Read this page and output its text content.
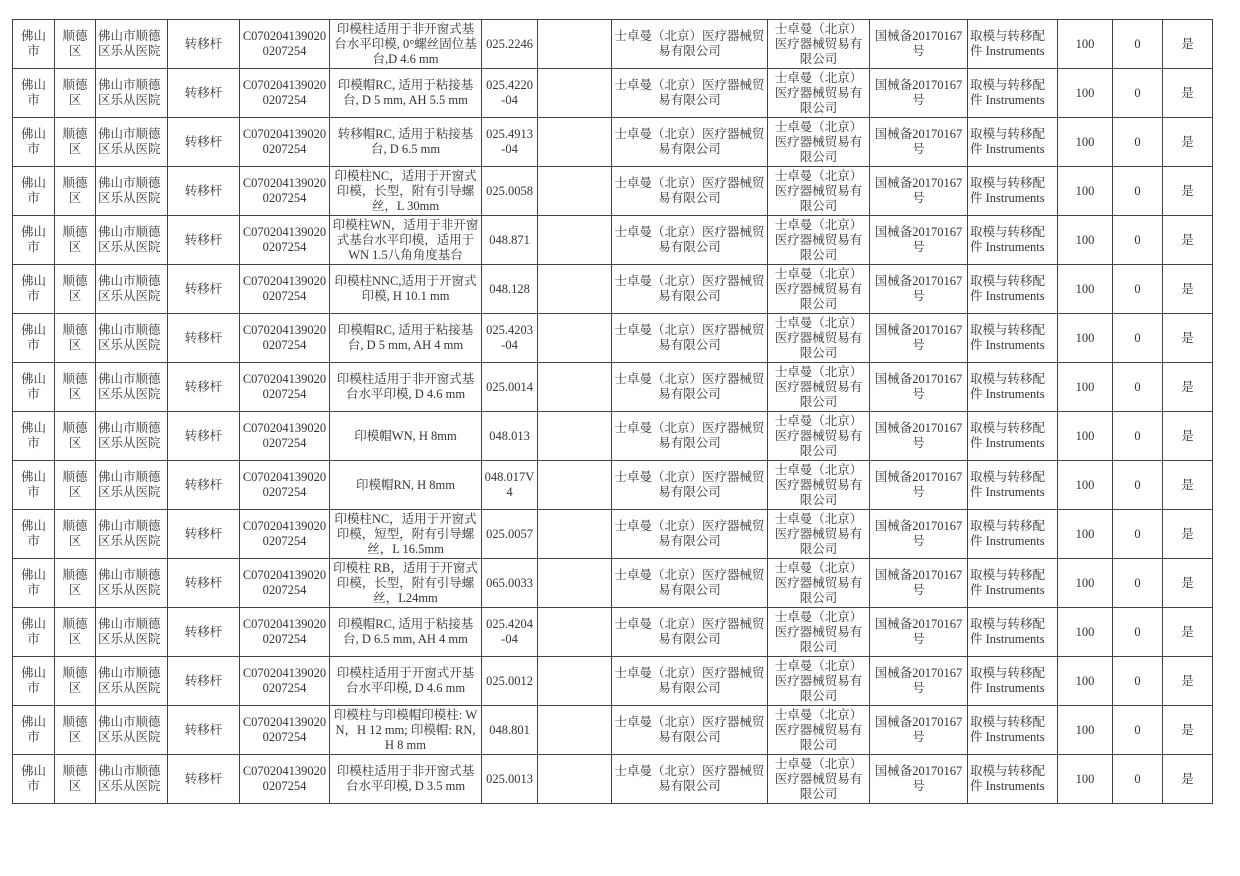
佛山市	顺德区	佛山市顺德区乐从医院	转移杆	C0702041390200207254	印模柱适用于非开窗式基台水平印模, 0°螺丝固位基台,D 4.6 mm	025.2246		士卓曼（北京）医疗器械贸易有限公司	士卓曼（北京）医疗器械贸易有限公司	国械备20170167号	取模与转移配件 Instruments	100	0	是
佛山市	顺德区	佛山市顺德区乐从医院	转移杆	C0702041390200207254	印模帽RC, 适用于粘接基台, D 5 mm, AH 5.5 mm	025.4220-04		士卓曼（北京）医疗器械贸易有限公司	士卓曼（北京）医疗器械贸易有限公司	国械备20170167号	取模与转移配件 Instruments	100	0	是
佛山市	顺德区	佛山市顺德区乐从医院	转移杆	C0702041390200207254	转移帽RC, 适用于粘接基台, D 6.5 mm	025.4913-04		士卓曼（北京）医疗器械贸易有限公司	士卓曼（北京）医疗器械贸易有限公司	国械备20170167号	取模与转移配件 Instruments	100	0	是
佛山市	顺德区	佛山市顺德区乐从医院	转移杆	C0702041390200207254	印模柱NC，适用于开窗式印模，长型，附有引导螺丝，L 30mm	025.0058		士卓曼（北京）医疗器械贸易有限公司	士卓曼（北京）医疗器械贸易有限公司	国械备20170167号	取模与转移配件 Instruments	100	0	是
佛山市	顺德区	佛山市顺德区乐从医院	转移杆	C0702041390200207254	印模柱WN，适用于非开窗式基台水平印模，适用于WN 1.5八角角度基台	048.871		士卓曼（北京）医疗器械贸易有限公司	士卓曼（北京）医疗器械贸易有限公司	国械备20170167号	取模与转移配件 Instruments	100	0	是
佛山市	顺德区	佛山市顺德区乐从医院	转移杆	C0702041390200207254	印模柱NNC,适用于开窗式印模, H 10.1 mm	048.128		士卓曼（北京）医疗器械贸易有限公司	士卓曼（北京）医疗器械贸易有限公司	国械备20170167号	取模与转移配件 Instruments	100	0	是
佛山市	顺德区	佛山市顺德区乐从医院	转移杆	C0702041390200207254	印模帽RC, 适用于粘接基台, D 5 mm, AH 4 mm	025.4203-04		士卓曼（北京）医疗器械贸易有限公司	士卓曼（北京）医疗器械贸易有限公司	国械备20170167号	取模与转移配件 Instruments	100	0	是
佛山市	顺德区	佛山市顺德区乐从医院	转移杆	C0702041390200207254	印模柱适用于非开窗式基台水平印模, D 4.6 mm	025.0014		士卓曼（北京）医疗器械贸易有限公司	士卓曼（北京）医疗器械贸易有限公司	国械备20170167号	取模与转移配件 Instruments	100	0	是
佛山市	顺德区	佛山市顺德区乐从医院	转移杆	C0702041390200207254	印模帽WN, H 8mm	048.013		士卓曼（北京）医疗器械贸易有限公司	士卓曼（北京）医疗器械贸易有限公司	国械备20170167号	取模与转移配件 Instruments	100	0	是
佛山市	顺德区	佛山市顺德区乐从医院	转移杆	C0702041390200207254	印模帽RN, H 8mm	048.017V4		士卓曼（北京）医疗器械贸易有限公司	士卓曼（北京）医疗器械贸易有限公司	国械备20170167号	取模与转移配件 Instruments	100	0	是
佛山市	顺德区	佛山市顺德区乐从医院	转移杆	C0702041390200207254	印模柱NC，适用于开窗式印模，短型，附有引导螺丝，L 16.5mm	025.0057		士卓曼（北京）医疗器械贸易有限公司	士卓曼（北京）医疗器械贸易有限公司	国械备20170167号	取模与转移配件 Instruments	100	0	是
佛山市	顺德区	佛山市顺德区乐从医院	转移杆	C0702041390200207254	印模柱 RB，适用于开窗式印模，长型，附有引导螺丝，L24mm	065.0033		士卓曼（北京）医疗器械贸易有限公司	士卓曼（北京）医疗器械贸易有限公司	国械备20170167号	取模与转移配件 Instruments	100	0	是
佛山市	顺德区	佛山市顺德区乐从医院	转移杆	C0702041390200207254	印模帽RC, 适用于粘接基台, D 6.5 mm, AH 4 mm	025.4204-04		士卓曼（北京）医疗器械贸易有限公司	士卓曼（北京）医疗器械贸易有限公司	国械备20170167号	取模与转移配件 Instruments	100	0	是
佛山市	顺德区	佛山市顺德区乐从医院	转移杆	C0702041390200207254	印模柱适用于开窗式开基台水平印模, D 4.6 mm	025.0012		士卓曼（北京）医疗器械贸易有限公司	士卓曼（北京）医疗器械贸易有限公司	国械备20170167号	取模与转移配件 Instruments	100	0	是
佛山市	顺德区	佛山市顺德区乐从医院	转移杆	C0702041390200207254	印模柱与印模帽印模柱: WN，H 12 mm; 印模帽: RN, H 8 mm	048.801		士卓曼（北京）医疗器械贸易有限公司	士卓曼（北京）医疗器械贸易有限公司	国械备20170167号	取模与转移配件 Instruments	100	0	是
佛山市	顺德区	佛山市顺德区乐从医院	转移杆	C0702041390200207254	印模柱适用于非开窗式基台水平印模, D 3.5 mm	025.0013		士卓曼（北京）医疗器械贸易有限公司	士卓曼（北京）医疗器械贸易有限公司	国械备20170167号	取模与转移配件 Instruments	100	0	是
